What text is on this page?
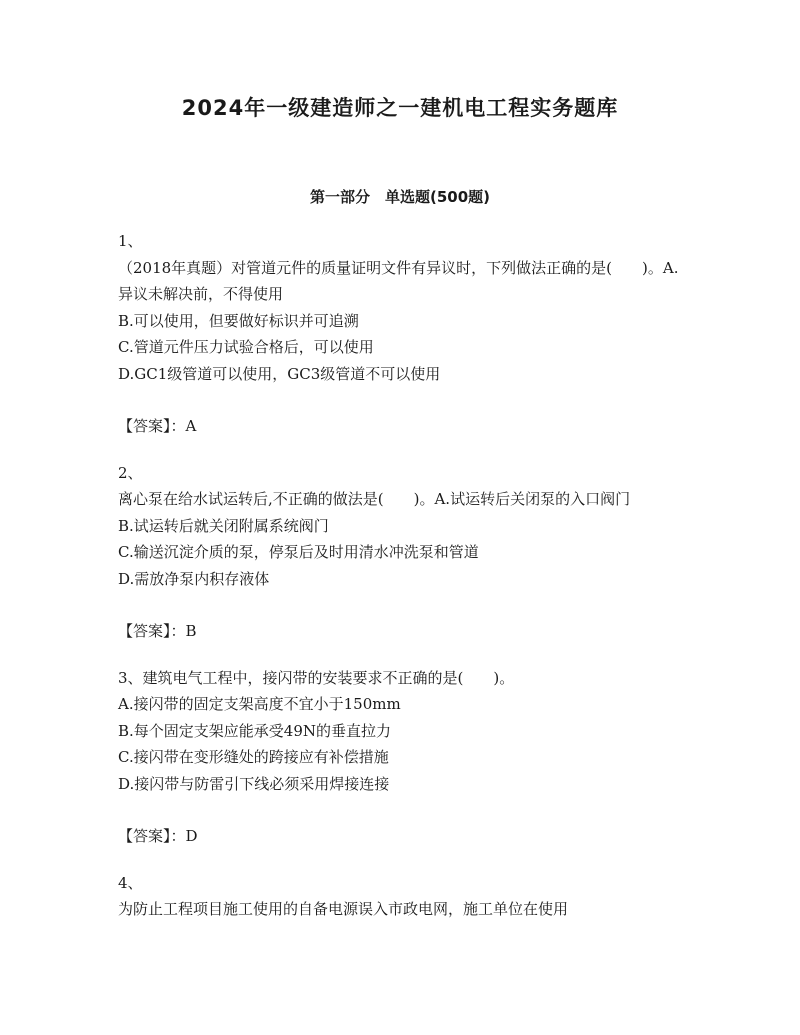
2024年一级建造师之一建机电工程实务题库
第一部分　单选题(500题)
1、
（2018年真题）对管道元件的质量证明文件有异议时，下列做法正确的是(　　)。A.异议未解决前，不得使用
B.可以使用，但要做好标识并可追溯
C.管道元件压力试验合格后，可以使用
D.GC1级管道可以使用，GC3级管道不可以使用
【答案】：A
2、
离心泵在给水试运转后,不正确的做法是(　　)。A.试运转后关闭泵的入口阀门
B.试运转后就关闭附属系统阀门
C.输送沉淀介质的泵，停泵后及时用清水冲洗泵和管道
D.需放净泵内积存液体
【答案】：B
3、建筑电气工程中，接闪带的安装要求不正确的是(　　)。
A.接闪带的固定支架高度不宜小于150mm
B.每个固定支架应能承受49N的垂直拉力
C.接闪带在变形缝处的跨接应有补偿措施
D.接闪带与防雷引下线必须采用焊接连接
【答案】：D
4、
为防止工程项目施工使用的自备电源误入市政电网，施工单位在使用
